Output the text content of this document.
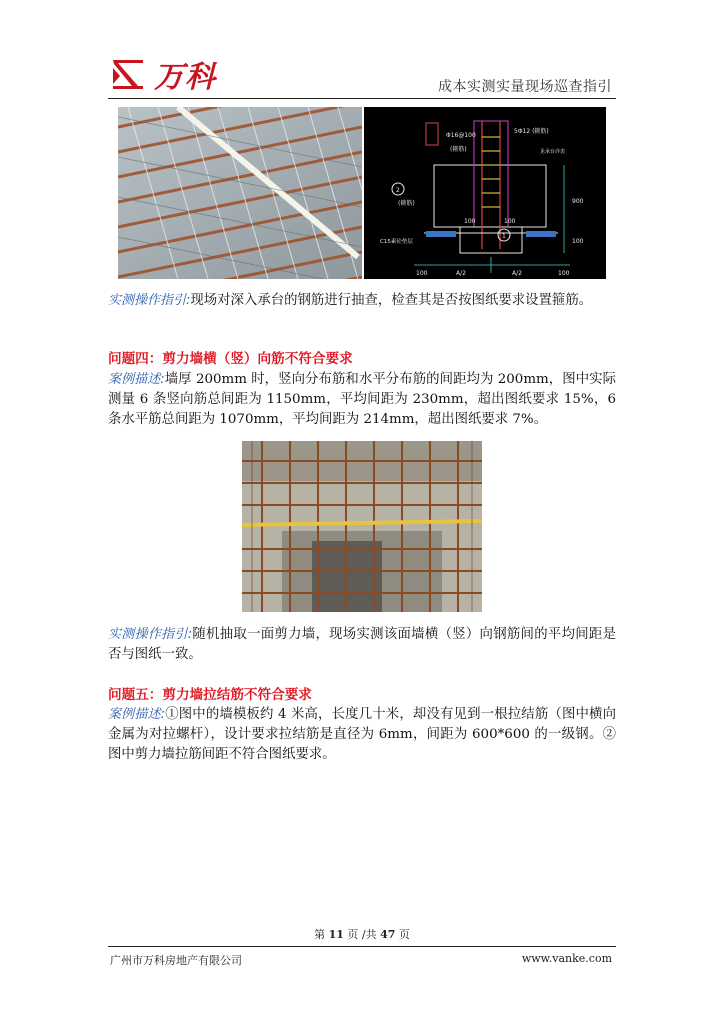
万科	成本实测实量现场巡查指引
Φ16@100
(箍筋)
5Φ12 (箍筋)
见承台详表
2
(箍筋)
100	100
1
C15素砼垫层
A/2	A/2
100	100
900
100
实测操作指引:现场对深入承台的钢筋进行抽查，检查其是否按图纸要求设置箍筋。
问题四：剪力墙横（竖）向筋不符合要求
案例描述:墙厚 200mm 时，竖向分布筋和水平分布筋的间距均为 200mm，图中实际测量 6 条竖向筋总间距为 1150mm，平均间距为 230mm，超出图纸要求 15%，6 条水平筋总间距为 1070mm，平均间距为 214mm，超出图纸要求 7%。
实测操作指引:随机抽取一面剪力墙，现场实测该面墙横（竖）向钢筋间的平均间距是否与图纸一致。
问题五：剪力墙拉结筋不符合要求
案例描述:①图中的墙模板约 4 米高，长度几十米，却没有见到一根拉结筋（图中横向金属为对拉螺杆），设计要求拉结筋是直径为 6mm，间距为 600*600 的一级钢。②图中剪力墙拉筋间距不符合图纸要求。
第 11 页 /共 47 页
广州市万科房地产有限公司	www.vanke.com
